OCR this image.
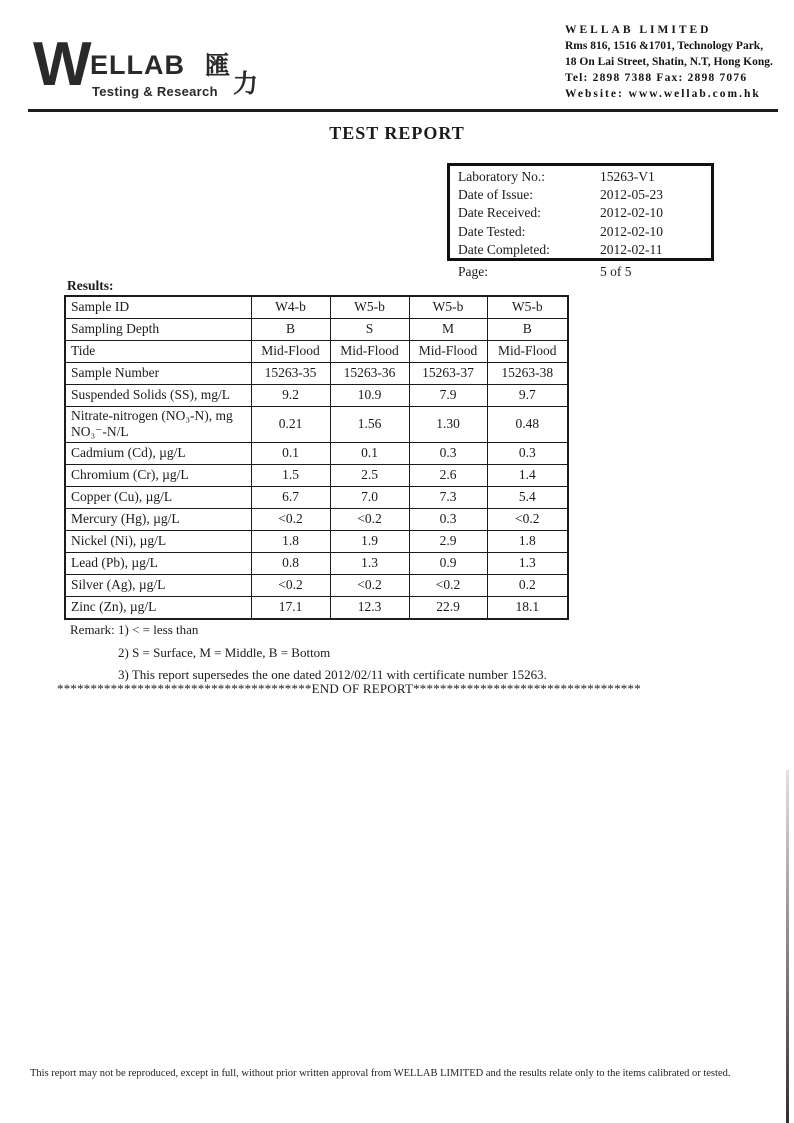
W
ELLAB 匯
力
Testing & Research
WELLAB LIMITED
Rms 816, 1516 &1701, Technology Park,
18 On Lai Street, Shatin, N.T, Hong Kong.
Tel: 2898 7388 Fax: 2898 7076
Website: www.wellab.com.hk
TEST REPORT
Laboratory No.:	15263-V1
Date of Issue:	2012-05-23
Date Received:	2012-02-10
Date Tested:	2012-02-10
Date Completed:	2012-02-11
Page:	5 of 5
Results:
Sample ID	W4-b	W5-b	W5-b	W5-b
Sampling Depth	B	S	M	B
Tide	Mid-Flood	Mid-Flood	Mid-Flood	Mid-Flood
Sample Number	15263-35	15263-36	15263-37	15263-38
Suspended Solids (SS), mg/L	9.2	10.9	7.9	9.7
Nitrate-nitrogen (NO₃-N), mg NO₃⁻-N/L	0.21	1.56	1.30	0.48
Cadmium (Cd), µg/L	0.1	0.1	0.3	0.3
Chromium (Cr), µg/L	1.5	2.5	2.6	1.4
Copper (Cu), µg/L	6.7	7.0	7.3	5.4
Mercury (Hg), µg/L	<0.2	<0.2	0.3	<0.2
Nickel (Ni), µg/L	1.8	1.9	2.9	1.8
Lead (Pb), µg/L	0.8	1.3	0.9	1.3
Silver (Ag), µg/L	<0.2	<0.2	<0.2	0.2
Zinc (Zn), µg/L	17.1	12.3	22.9	18.1
Remark: 1) < = less than
2) S = Surface, M = Middle, B = Bottom
3) This report supersedes the one dated 2012/02/11 with certificate number 15263.
**************************************END OF REPORT**********************************
This report may not be reproduced, except in full, without prior written approval from WELLAB LIMITED and the results relate only to the items calibrated or tested.
